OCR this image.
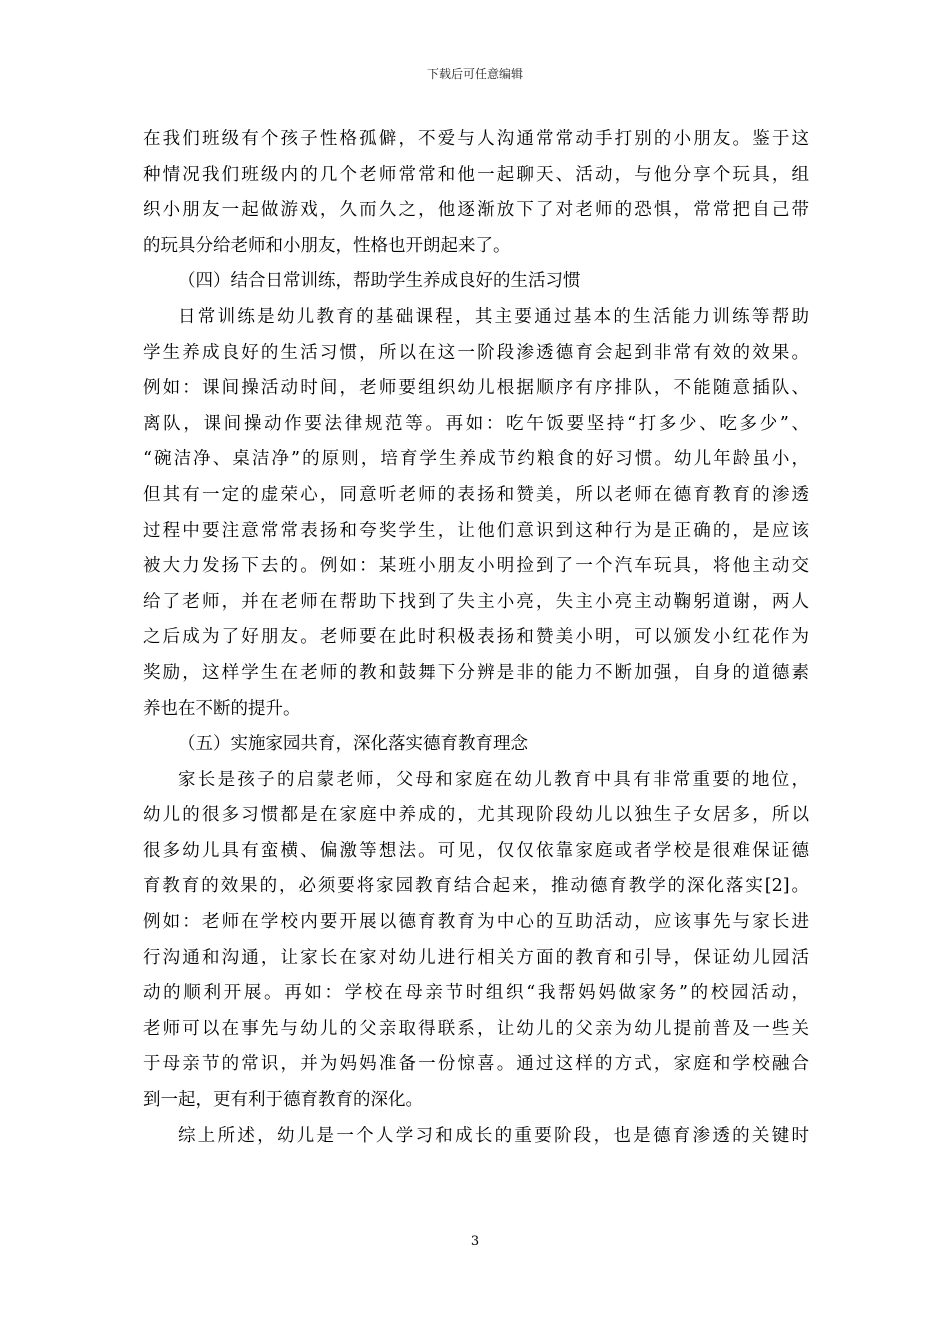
下载后可任意编辑
在我们班级有个孩子性格孤僻，不爱与人沟通常常动手打别的小朋友。鉴于这
种情况我们班级内的几个老师常常和他一起聊天、活动，与他分享个玩具，组
织小朋友一起做游戏，久而久之，他逐渐放下了对老师的恐惧，常常把自己带
的玩具分给老师和小朋友，性格也开朗起来了。
（四）结合日常训练，帮助学生养成良好的生活习惯
日常训练是幼儿教育的基础课程，其主要通过基本的生活能力训练等帮助
学生养成良好的生活习惯，所以在这一阶段渗透德育会起到非常有效的效果。
例如：课间操活动时间，老师要组织幼儿根据顺序有序排队，不能随意插队、
离队，课间操动作要法律规范等。再如：吃午饭要坚持“打多少、吃多少”、
“碗洁净、桌洁净”的原则，培育学生养成节约粮食的好习惯。幼儿年龄虽小，
但其有一定的虚荣心，同意听老师的表扬和赞美，所以老师在德育教育的渗透
过程中要注意常常表扬和夸奖学生，让他们意识到这种行为是正确的，是应该
被大力发扬下去的。例如：某班小朋友小明捡到了一个汽车玩具，将他主动交
给了老师，并在老师在帮助下找到了失主小亮，失主小亮主动鞠躬道谢，两人
之后成为了好朋友。老师要在此时积极表扬和赞美小明，可以颁发小红花作为
奖励，这样学生在老师的教和鼓舞下分辨是非的能力不断加强，自身的道德素
养也在不断的提升。
（五）实施家园共育，深化落实德育教育理念
家长是孩子的启蒙老师，父母和家庭在幼儿教育中具有非常重要的地位，
幼儿的很多习惯都是在家庭中养成的，尤其现阶段幼儿以独生子女居多，所以
很多幼儿具有蛮横、偏激等想法。可见，仅仅依靠家庭或者学校是很难保证德
育教育的效果的，必须要将家园教育结合起来，推动德育教学的深化落实[2]。
例如：老师在学校内要开展以德育教育为中心的互助活动，应该事先与家长进
行沟通和沟通，让家长在家对幼儿进行相关方面的教育和引导，保证幼儿园活
动的顺利开展。再如：学校在母亲节时组织“我帮妈妈做家务”的校园活动，
老师可以在事先与幼儿的父亲取得联系，让幼儿的父亲为幼儿提前普及一些关
于母亲节的常识，并为妈妈准备一份惊喜。通过这样的方式，家庭和学校融合
到一起，更有利于德育教育的深化。
综上所述，幼儿是一个人学习和成长的重要阶段，也是德育渗透的关键时
3
